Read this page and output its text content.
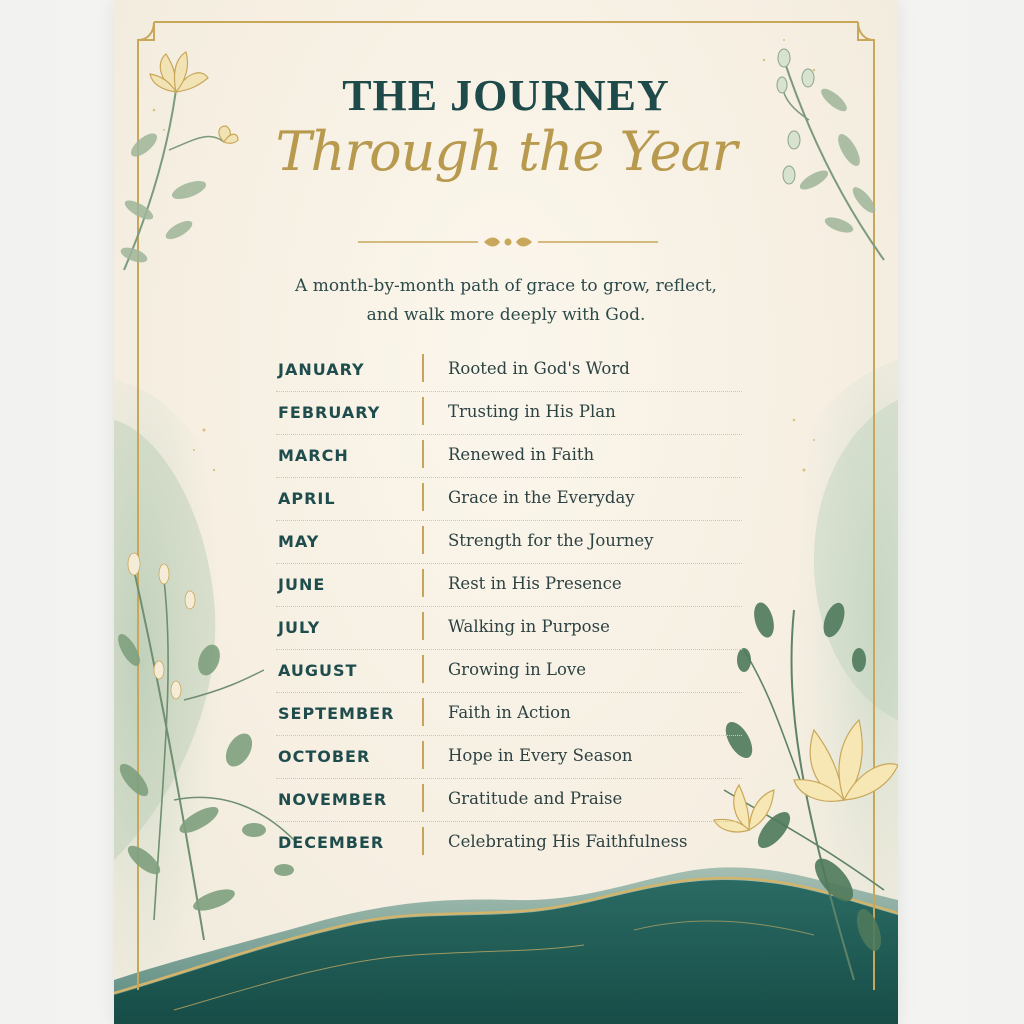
THE JOURNEY
Through the Year

A month-by-month path of grace to grow, reflect, and walk more deeply with God.

JANUARY	Rooted in God's Word
FEBRUARY	Trusting in His Plan
MARCH	Renewed in Faith
APRIL	Grace in the Everyday
MAY	Strength for the Journey
JUNE	Rest in His Presence
JULY	Walking in Purpose
AUGUST	Growing in Love
SEPTEMBER	Faith in Action
OCTOBER	Hope in Every Season
NOVEMBER	Gratitude and Praise
DECEMBER	Celebrating His Faithfulness
